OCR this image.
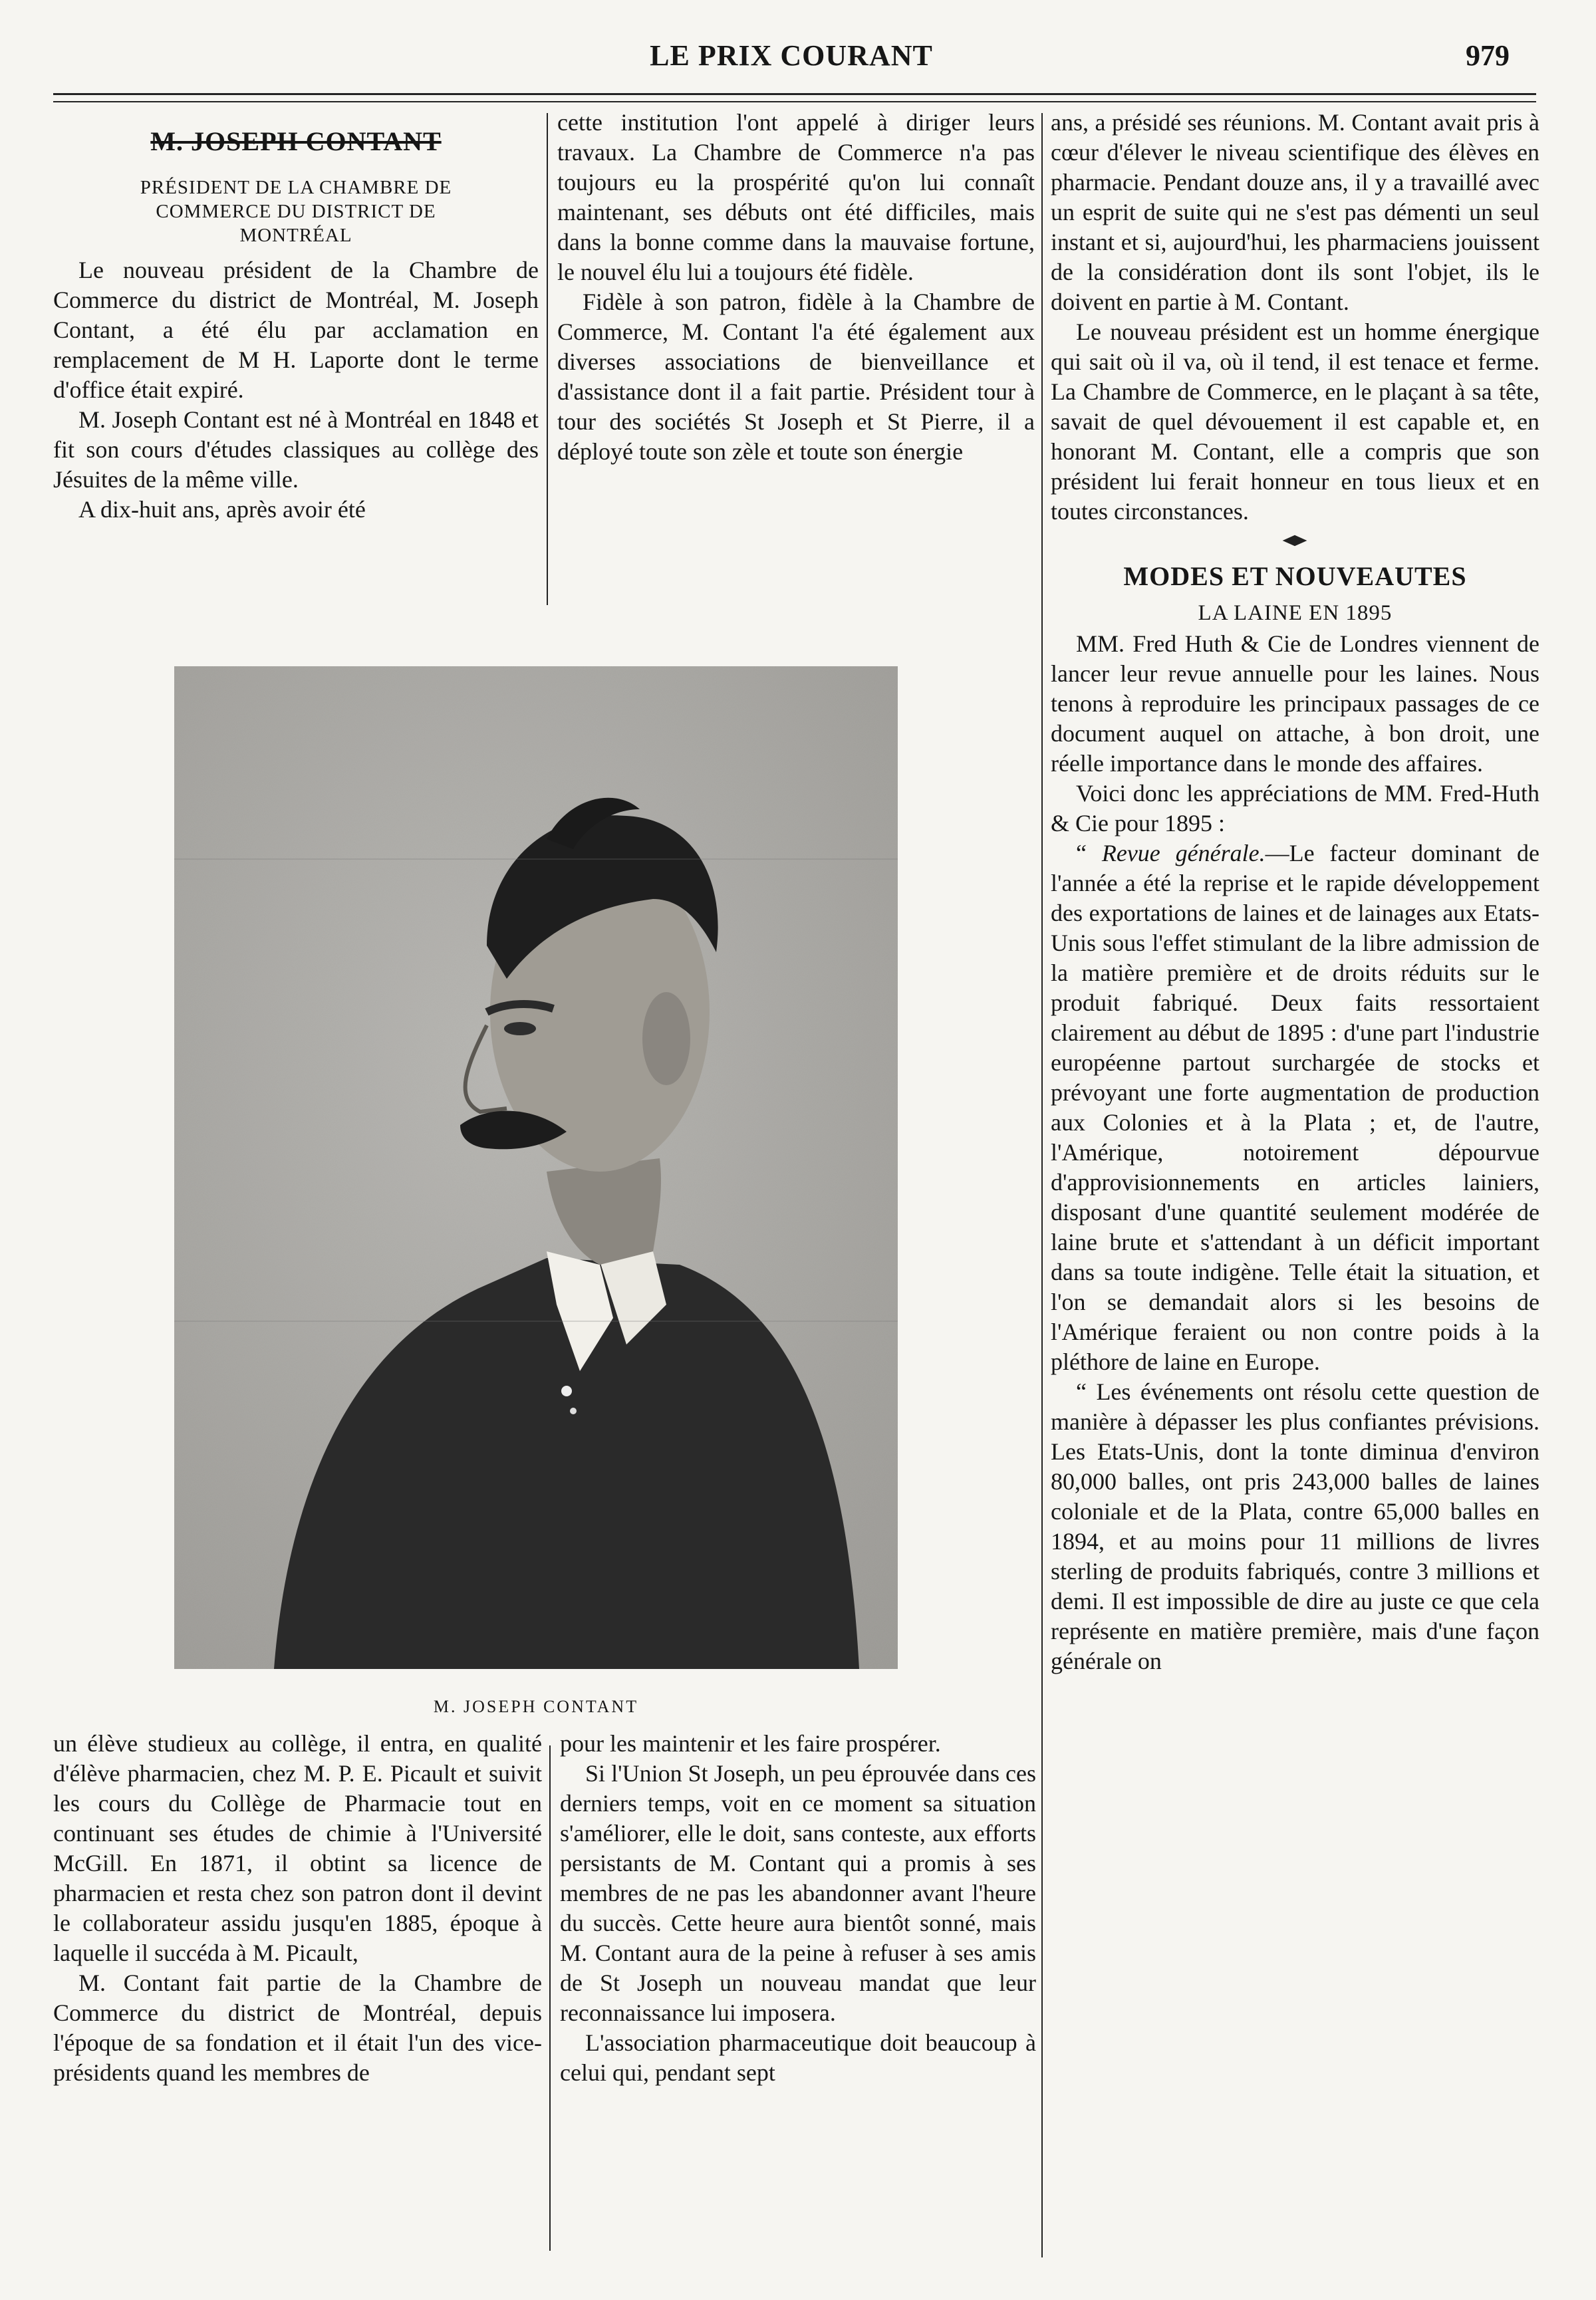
LE PRIX COURANT	979
M. JOSEPH CONTANT

PRÉSIDENT DE LA CHAMBRE DE

COMMERCE DU DISTRICT DE

MONTRÉAL

Le nouveau président de la Chambre de Commerce du district de Montréal, M. Joseph Contant, a été élu par acclamation en remplacement de M H. Laporte dont le terme d'office était expiré.

M. Joseph Contant est né à Montréal en 1848 et fit son cours d'études classiques au collège des Jésuites de la même ville.

A dix-huit ans, après avoir été

cette institution l'ont appelé à diriger leurs travaux. La Chambre de Commerce n'a pas toujours eu la prospérité qu'on lui connaît maintenant, ses débuts ont été difficiles, mais dans la bonne comme dans la mauvaise fortune, le nouvel élu lui a toujours été fidèle.

Fidèle à son patron, fidèle à la Chambre de Commerce, M. Contant l'a été également aux diverses associations de bienveillance et d'assistance dont il a fait partie. Président tour à tour des sociétés St Joseph et St Pierre, il a déployé toute son zèle et toute son énergie

M. JOSEPH CONTANT

un élève studieux au collège, il entra, en qualité d'élève pharmacien, chez M. P. E. Picault et suivit les cours du Collège de Pharmacie tout en continuant ses études de chimie à l'Université McGill. En 1871, il obtint sa licence de pharmacien et resta chez son patron dont il devint le collaborateur assidu jusqu'en 1885, époque à laquelle il succéda à M. Picault,

M. Contant fait partie de la Chambre de Commerce du district de Montréal, depuis l'époque de sa fondation et il était l'un des vice-présidents quand les membres de

pour les maintenir et les faire prospérer.

Si l'Union St Joseph, un peu éprouvée dans ces derniers temps, voit en ce moment sa situation s'améliorer, elle le doit, sans conteste, aux efforts persistants de M. Contant qui a promis à ses membres de ne pas les abandonner avant l'heure du succès. Cette heure aura bientôt sonné, mais M. Contant aura de la peine à refuser à ses amis de St Joseph un nouveau mandat que leur reconnaissance lui imposera.

L'association pharmaceutique doit beaucoup à celui qui, pendant sept

ans, a présidé ses réunions. M. Contant avait pris à cœur d'élever le niveau scientifique des élèves en pharmacie. Pendant douze ans, il y a travaillé avec un esprit de suite qui ne s'est pas démenti un seul instant et si, aujourd'hui, les pharmaciens jouissent de la considération dont ils sont l'objet, ils le doivent en partie à M. Contant.

Le nouveau président est un homme énergique qui sait où il va, où il tend, il est tenace et ferme. La Chambre de Commerce, en le plaçant à sa tête, savait de quel dévouement il est capable et, en honorant M. Contant, elle a compris que son président lui ferait honneur en tous lieux et en toutes circonstances.

MODES ET NOUVEAUTES
LA LAINE EN 1895

MM. Fred Huth & Cie de Londres viennent de lancer leur revue annuelle pour les laines. Nous tenons à reproduire les principaux passages de ce document auquel on attache, à bon droit, une réelle importance dans le monde des affaires.

Voici donc les appréciations de MM. Fred-Huth & Cie pour 1895 :

“ Revue générale.—Le facteur dominant de l'année a été la reprise et le rapide développement des exportations de laines et de lainages aux Etats-Unis sous l'effet stimulant de la libre admission de la matière première et de droits réduits sur le produit fabriqué. Deux faits ressortaient clairement au début de 1895 : d'une part l'industrie européenne partout surchargée de stocks et prévoyant une forte augmentation de production aux Colonies et à la Plata ; et, de l'autre, l'Amérique, notoirement dépourvue d'approvisionnements en articles lainiers, disposant d'une quantité seulement modérée de laine brute et s'attendant à un déficit important dans sa toute indigène. Telle était la situation, et l'on se demandait alors si les besoins de l'Amérique feraient ou non contre poids à la pléthore de laine en Europe.

“ Les événements ont résolu cette question de manière à dépasser les plus confiantes prévisions. Les Etats-Unis, dont la tonte diminua d'environ 80,000 balles, ont pris 243,000 balles de laines coloniale et de la Plata, contre 65,000 balles en 1894, et au moins pour 11 millions de livres sterling de produits fabriqués, contre 3 millions et demi. Il est impossible de dire au juste ce que cela représente en matière première, mais d'une façon générale on
